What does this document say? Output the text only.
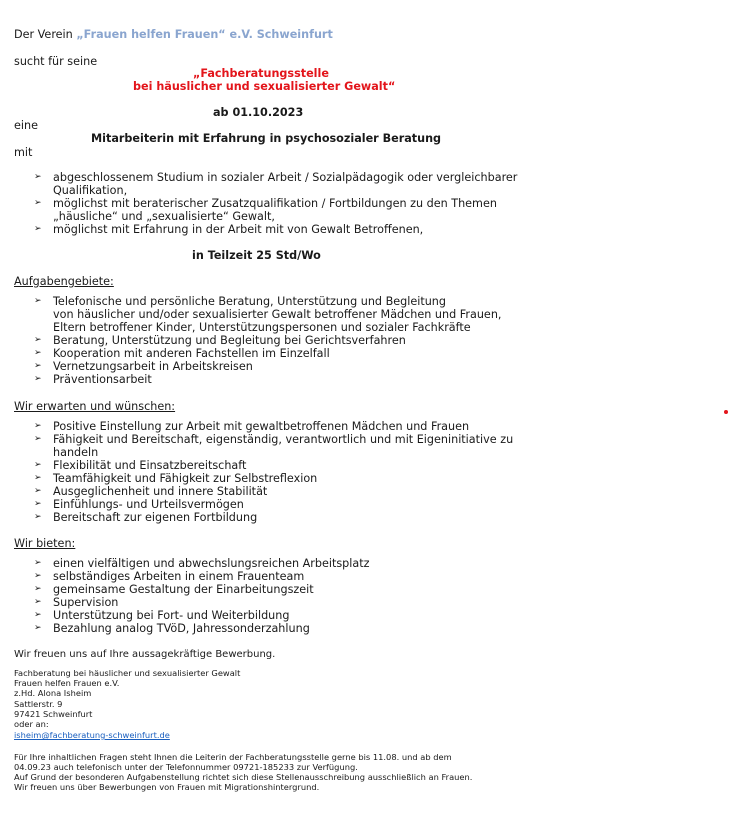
Der Verein „Frauen helfen Frauen“ e.V. Schweinfurt
sucht für seine
„Fachberatungsstelle
bei häuslicher und sexualisierter Gewalt“
ab 01.10.2023
eine
Mitarbeiterin mit Erfahrung in psychosozialer Beratung
mit
➢ abgeschlossenem Studium in sozialer Arbeit / Sozialpädagogik oder vergleichbarer
Qualifikation,
➢ möglichst mit beraterischer Zusatzqualifikation / Fortbildungen zu den Themen
„häusliche“ und „sexualisierte“ Gewalt,
➢ möglichst mit Erfahrung in der Arbeit mit von Gewalt Betroffenen,
in Teilzeit 25 Std/Wo
Aufgabengebiete:
➢ Telefonische und persönliche Beratung, Unterstützung und Begleitung
von häuslicher und/oder sexualisierter Gewalt betroffener Mädchen und Frauen,
Eltern betroffener Kinder, Unterstützungspersonen und sozialer Fachkräfte
➢ Beratung, Unterstützung und Begleitung bei Gerichtsverfahren
➢ Kooperation mit anderen Fachstellen im Einzelfall
➢ Vernetzungsarbeit in Arbeitskreisen
➢ Präventionsarbeit
Wir erwarten und wünschen:
➢ Positive Einstellung zur Arbeit mit gewaltbetroffenen Mädchen und Frauen
➢ Fähigkeit und Bereitschaft, eigenständig, verantwortlich und mit Eigeninitiative zu
handeln
➢ Flexibilität und Einsatzbereitschaft
➢ Teamfähigkeit und Fähigkeit zur Selbstreflexion
➢ Ausgeglichenheit und innere Stabilität
➢ Einfühlungs- und Urteilsvermögen
➢ Bereitschaft zur eigenen Fortbildung
Wir bieten:
➢ einen vielfältigen und abwechslungsreichen Arbeitsplatz
➢ selbständiges Arbeiten in einem Frauenteam
➢ gemeinsame Gestaltung der Einarbeitungszeit
➢ Supervision
➢ Unterstützung bei Fort- und Weiterbildung
➢ Bezahlung analog TVöD, Jahressonderzahlung
Wir freuen uns auf Ihre aussagekräftige Bewerbung.
Fachberatung bei häuslicher und sexualisierter Gewalt
Frauen helfen Frauen e.V.
z.Hd. Alona Isheim
Sattlerstr. 9
97421 Schweinfurt
oder an:
isheim@fachberatung-schweinfurt.de
Für Ihre inhaltlichen Fragen steht Ihnen die Leiterin der Fachberatungsstelle gerne bis 11.08. und ab dem
04.09.23 auch telefonisch unter der Telefonnummer 09721-185233 zur Verfügung.
Auf Grund der besonderen Aufgabenstellung richtet sich diese Stellenausschreibung ausschließlich an Frauen.
Wir freuen uns über Bewerbungen von Frauen mit Migrationshintergrund.
